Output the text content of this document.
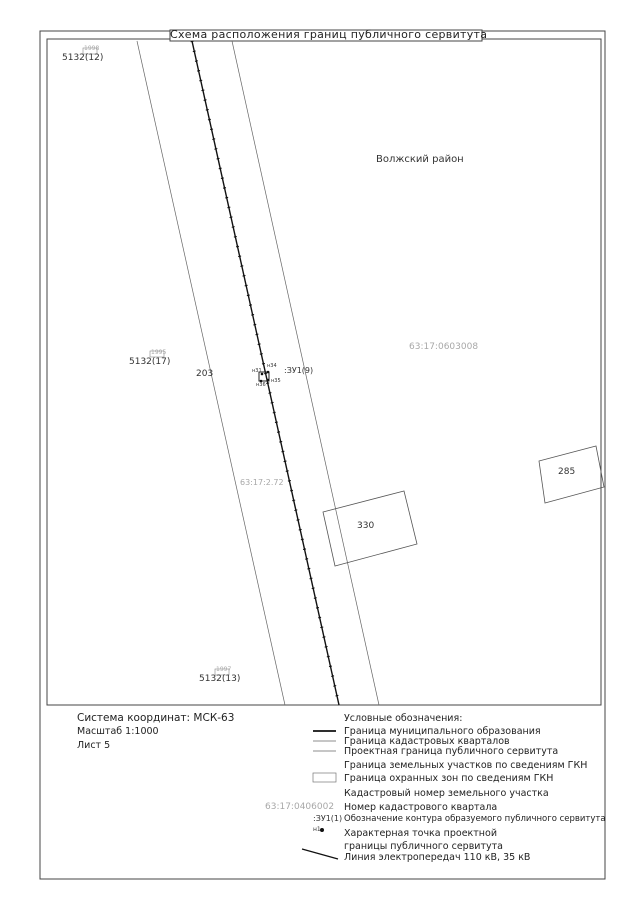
Схема расположения границ публичного сервитута
Волжский район
63:17:0603008
63:17:2.72
5132(12)
1998
5132(17)
1995
5132(13)
1997
203
330
285
:ЗУ1(9)
н34
н35
н36
н31
Система координат: МСК-63
Масштаб 1:1000
Лист 5
Условные обозначения:
Граница муниципального образования
Граница кадастровых кварталов
Проектная граница публичного сервитута
Граница земельных участков по сведениям ГКН
Граница охранных зон по сведениям ГКН
Кадастровый номер земельного участка
63:17:0406002 Номер кадастрового квартала
:ЗУ1(1) Обозначение контура образуемого публичного сервитута
н1 Характерная точка проектной границы публичного сервитута
Линия электропередач 110 кВ, 35 кВ
